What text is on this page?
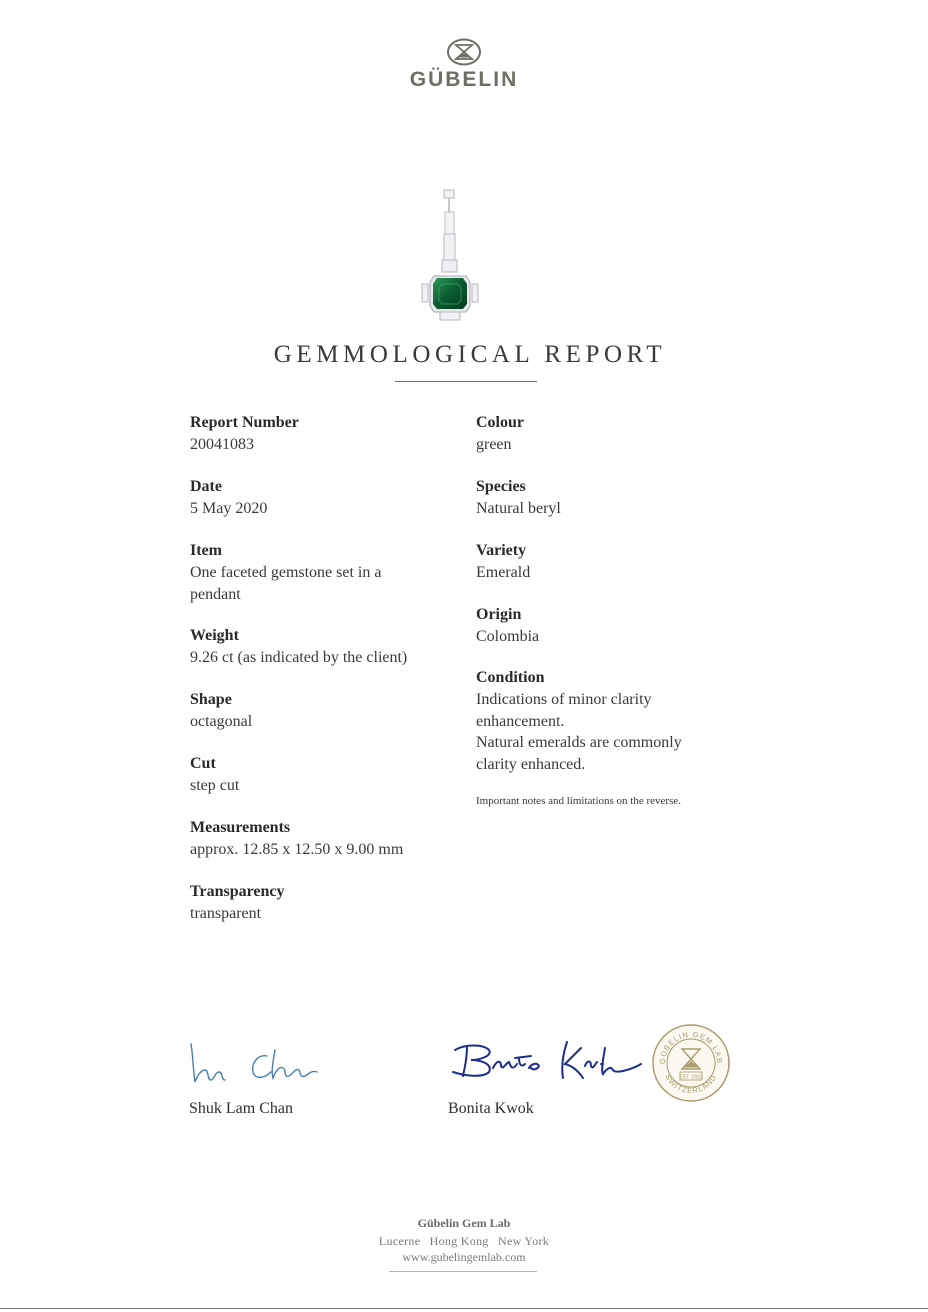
GÜBELIN
GEMMOLOGICAL REPORT
Report Number
20041083
Date
5 May 2020
Item
One faceted gemstone set in a
pendant
Weight
9.26 ct (as indicated by the client)
Shape
octagonal
Cut
step cut
Measurements
approx. 12.85 x 12.50 x 9.00 mm
Transparency
transparent
Colour
green
Species
Natural beryl
Variety
Emerald
Origin
Colombia
Condition
Indications of minor clarity
enhancement.
Natural emeralds are commonly
clarity enhanced.
Important notes and limitations on the reverse.
Shuk Lam Chan	Bonita Kwok
GÜBELIN GEM LAB
SWITZERLAND
EST. 1923
Gübelin Gem Lab
Lucerne Hong Kong New York
www.gubelingemlab.com
